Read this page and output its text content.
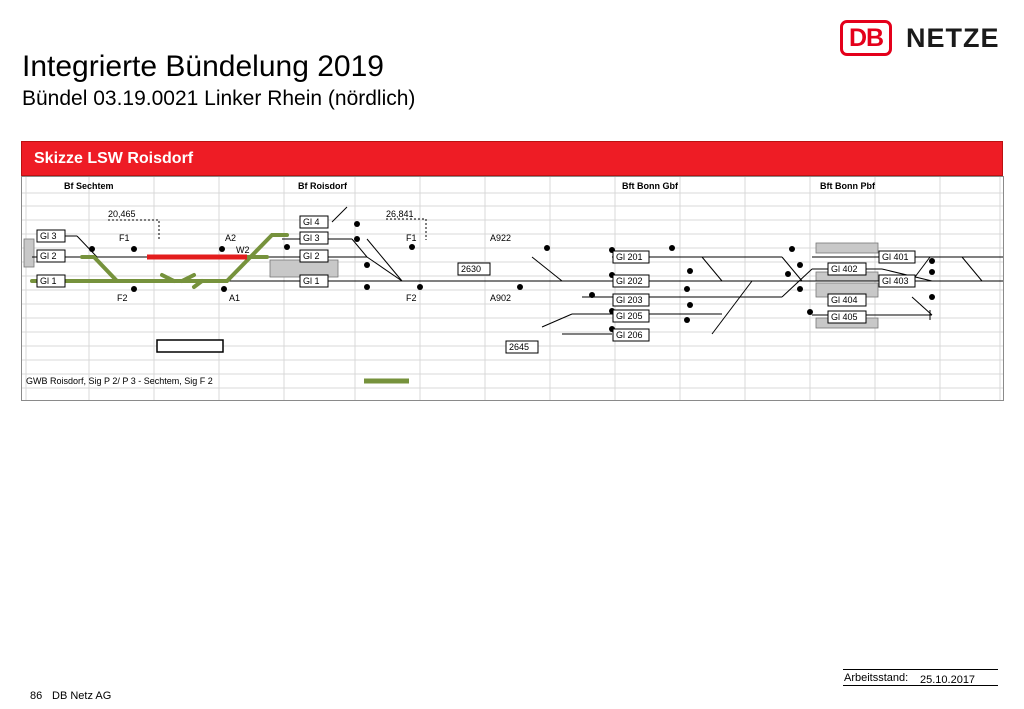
Integrierte Bündelung 2019
Bündel 03.19.0021 Linker Rhein (nördlich)
DB NETZE
Skizze LSW Roisdorf
Bf Sechtem	Bf Roisdorf	Bft Bonn Gbf	Bft Bonn Pbf
20,465	26,841
Gl 3
Gl 2
Gl 1
Gl 4
Gl 3
Gl 2
Gl 1
2630
2645
Gl 201
Gl 202
Gl 203
Gl 205
Gl 206
Gl 401
Gl 402
Gl 403
Gl 404
Gl 405
F1	A2
W2
F2	A1
F1
F2
A922
A902
GWB Roisdorf, Sig P 2/ P 3 - Sechtem, Sig F 2
Arbeitsstand: 25.10.2017
86 DB Netz AG
